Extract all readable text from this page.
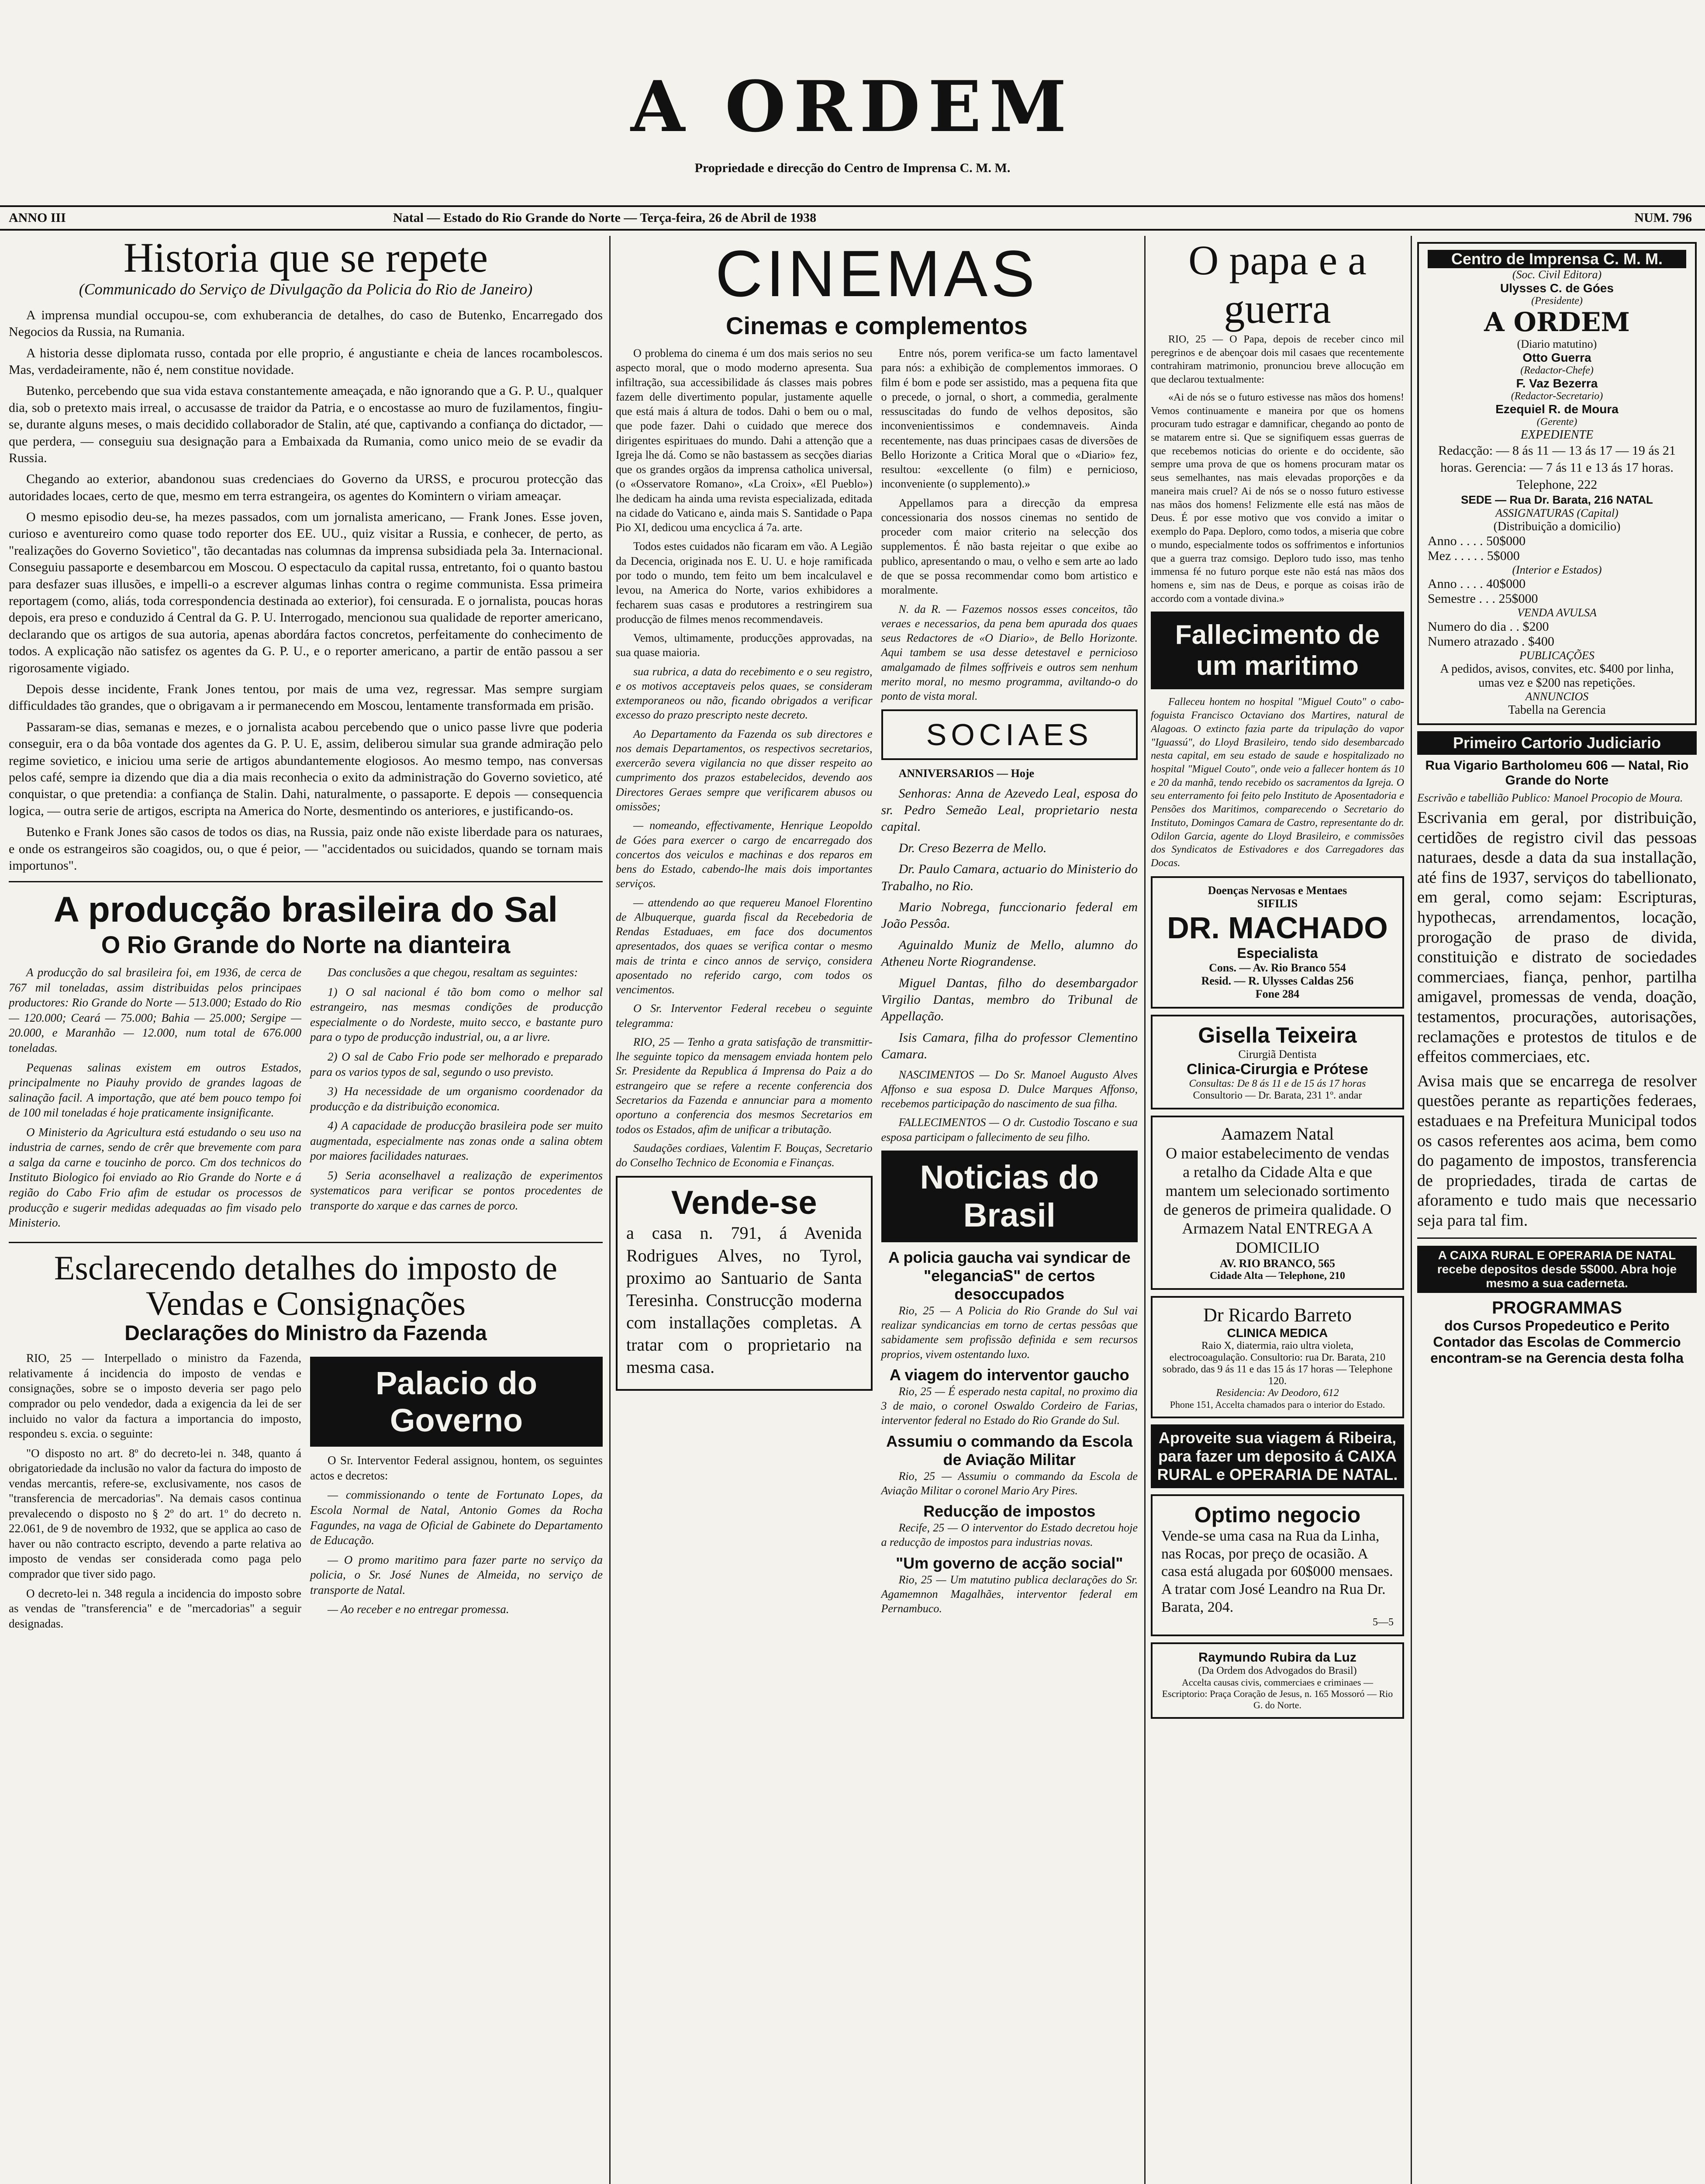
A ORDEM
Propriedade e direcção do Centro de Imprensa C. M. M.
ANNO III	Natal — Estado do Rio Grande do Norte — Terça-feira, 26 de Abril de 1938	NUM. 796
Historia que se repete
(Communicado do Serviço de Divulgação da Policia do Rio de Janeiro)

A imprensa mundial occupou-se, com exhuberancia de detalhes, do caso de Butenko, Encarregado dos Negocios da Russia, na Rumania.

A historia desse diplomata russo, contada por elle proprio, é angustiante e cheia de lances rocambolescos. Mas, verdadeiramente, não é, nem constitue novidade.

Butenko, percebendo que sua vida estava constantemente ameaçada, e não ignorando que a G. P. U., qualquer dia, sob o pretexto mais irreal, o accusasse de traidor da Patria, e o encostasse ao muro de fuzilamentos, fingiu-se, durante alguns meses, o mais decidido collaborador de Stalin, até que, captivando a confiança do dictador, — que perdera, — conseguiu sua designação para a Embaixada da Rumania, como unico meio de se evadir da Russia.

Chegando ao exterior, abandonou suas credenciaes do Governo da URSS, e procurou protecção das autoridades locaes, certo de que, mesmo em terra estrangeira, os agentes do Komintern o viriam ameaçar.

O mesmo episodio deu-se, ha mezes passados, com um jornalista americano, — Frank Jones. Esse joven, curioso e aventureiro como quase todo reporter dos EE. UU., quiz visitar a Russia, e conhecer, de perto, as "realizações do Governo Sovietico", tão decantadas nas columnas da imprensa subsidiada pela 3a. Internacional. Conseguiu passaporte e desembarcou em Moscou. O espectaculo da capital russa, entretanto, foi o quanto bastou para desfazer suas illusões, e impelli-o a escrever algumas linhas contra o regime communista. Essa primeira reportagem (como, aliás, toda correspondencia destinada ao exterior), foi censurada. E o jornalista, poucas horas depois, era preso e conduzido á Central da G. P. U. Interrogado, mencionou sua qualidade de reporter americano, declarando que os artigos de sua autoria, apenas abordára factos concretos, perfeitamente do conhecimento de todos. A explicação não satisfez os agentes da G. P. U., e o reporter americano, a partir de então passou a ser rigorosamente vigiado.

Depois desse incidente, Frank Jones tentou, por mais de uma vez, regressar. Mas sempre surgiam difficuldades tão grandes, que o obrigavam a ir permanecendo em Moscou, lentamente transformada em prisão.

Passaram-se dias, semanas e mezes, e o jornalista acabou percebendo que o unico passe livre que poderia conseguir, era o da bôa vontade dos agentes da G. P. U. E, assim, deliberou simular sua grande admiração pelo regime sovietico, e iniciou uma serie de artigos abundantemente elogiosos. Ao mesmo tempo, nas conversas pelos café, sempre ia dizendo que dia a dia mais reconhecia o exito da administração do Governo sovietico, até conquistar, o que pretendia: a confiança de Stalin. Dahi, naturalmente, o passaporte. E depois — consequencia logica, — outra serie de artigos, escripta na America do Norte, desmentindo os anteriores, e justificando-os.

Butenko e Frank Jones são casos de todos os dias, na Russia, paiz onde não existe liberdade para os naturaes, e onde os estrangeiros são coagidos, ou, o que é peior, — "accidentados ou suicidados, quando se tornam mais importunos".

A producção brasileira do Sal
O Rio Grande do Norte na dianteira

A producção do sal brasileira foi, em 1936, de cerca de 767 mil toneladas, assim distribuidas pelos principaes productores: Rio Grande do Norte — 513.000; Estado do Rio — 120.000; Ceará — 75.000; Bahia — 25.000; Sergipe — 20.000, e Maranhão — 12.000, num total de 676.000 toneladas.

Pequenas salinas existem em outros Estados, principalmente no Piauhy provido de grandes lagoas de salinação facil. A importação, que até bem pouco tempo foi de 100 mil toneladas é hoje praticamente insignificante.

O Ministerio da Agricultura está estudando o seu uso na industria de carnes, sendo de crêr que brevemente com para a salga da carne e toucinho de porco. Cm dos technicos do Instituto Biologico foi enviado ao Rio Grande do Norte e á região do Cabo Frio afim de estudar os processos de producção e sugerir medidas adequadas ao fim visado pelo Ministerio.

Das conclusões a que chegou, resaltam as seguintes:

1) O sal nacional é tão bom como o melhor sal estrangeiro, nas mesmas condições de producção especialmente o do Nordeste, muito secco, e bastante puro para o typo de producção industrial, ou, a ar livre.

2) O sal de Cabo Frio pode ser melhorado e preparado para os varios typos de sal, segundo o uso previsto.

3) Ha necessidade de um organismo coordenador da producção e da distribuição economica.

4) A capacidade de producção brasileira pode ser muito augmentada, especialmente nas zonas onde a salina obtem por maiores facilidades naturaes.

5) Seria aconselhavel a realização de experimentos systematicos para verificar se pontos procedentes de transporte do xarque e das carnes de porco.

Esclarecendo detalhes do imposto de Vendas e Consignações
Declarações do Ministro da Fazenda

RIO, 25 — Interpellado o ministro da Fazenda, relativamente á incidencia do imposto de vendas e consignações, sobre se o imposto deveria ser pago pelo comprador ou pelo vendedor, dada a exigencia da lei de ser incluido no valor da factura a importancia do imposto, respondeu s. excia. o seguinte:

"O disposto no art. 8º do decreto-lei n. 348, quanto á obrigatoriedade da inclusão no valor da factura do imposto de vendas mercantis, refere-se, exclusivamente, nos casos de "transferencia de mercadorias". Na demais casos continua prevalecendo o disposto no § 2º do art. 1º do decreto n. 22.061, de 9 de novembro de 1932, que se applica ao caso de haver ou não contracto escripto, devendo a parte relativa ao imposto de vendas ser considerada como paga pelo comprador que tiver sido pago.

O decreto-lei n. 348 regula a incidencia do imposto sobre as vendas de "transferencia" e de "mercadorias" a seguir designadas.

Palacio do Governo

O Sr. Interventor Federal assignou, hontem, os seguintes actos e decretos:

— commissionando o tente de Fortunato Lopes, da Escola Normal de Natal, Antonio Gomes da Rocha Fagundes, na vaga de Oficial de Gabinete do Departamento de Educação.

— O promo maritimo para fazer parte no serviço da policia, o Sr. José Nunes de Almeida, no serviço de transporte de Natal.

— Ao receber e no entregar promessa.

CINEMAS
Cinemas e complementos

O problema do cinema é um dos mais serios no seu aspecto moral, que o modo moderno apresenta. Sua infiltração, sua accessibilidade ás classes mais pobres fazem delle divertimento popular, justamente aquelle que está mais á altura de todos. Dahi o bem ou o mal, que pode fazer. Dahi o cuidado que merece dos dirigentes espirituaes do mundo. Dahi a attenção que a Igreja lhe dá. Como se não bastassem as secções diarias que os grandes orgãos da imprensa catholica universal, (o «Osservatore Romano», «La Croix», «El Pueblo») lhe dedicam ha ainda uma revista especializada, editada na cidade do Vaticano e, ainda mais S. Santidade o Papa Pio XI, dedicou uma encyclica á 7a. arte.

Todos estes cuidados não ficaram em vão. A Legião da Decencia, originada nos E. U. U. e hoje ramificada por todo o mundo, tem feito um bem incalculavel e levou, na America do Norte, varios exhibidores a fecharem suas casas e produtores a restringirem sua producção de filmes menos recommendaveis.

Vemos, ultimamente, producções approvadas, na sua quase maioria.

sua rubrica, a data do recebimento e o seu registro, e os motivos acceptaveis pelos quaes, se consideram extemporaneos ou não, ficando obrigados a verificar excesso do prazo prescripto neste decreto.

Ao Departamento da Fazenda os sub directores e nos demais Departamentos, os respectivos secretarios, exercerão severa vigilancia no que disser respeito ao cumprimento dos prazos estabelecidos, devendo aos Directores Geraes sempre que verificarem abusos ou omissões;

— nomeando, effectivamente, Henrique Leopoldo de Góes para exercer o cargo de encarregado dos concertos dos veiculos e machinas e dos reparos em bens do Estado, cabendo-lhe mais dois importantes serviços.

— attendendo ao que requereu Manoel Florentino de Albuquerque, guarda fiscal da Recebedoria de Rendas Estaduaes, em face dos documentos apresentados, dos quaes se verifica contar o mesmo mais de trinta e cinco annos de serviço, considera aposentado no referido cargo, com todos os vencimentos.

O Sr. Interventor Federal recebeu o seguinte telegramma:

RIO, 25 — Tenho a grata satisfação de transmittir-lhe seguinte topico da mensagem enviada hontem pelo Sr. Presidente da Republica á Imprensa do Paiz a do estrangeiro que se refere a recente conferencia dos Secretarios da Fazenda e annunciar para a momento oportuno a conferencia dos mesmos Secretarios em todos os Estados, afim de unificar a tributação.

Saudações cordiaes, Valentim F. Bouças, Secretario do Conselho Technico de Economia e Finanças.

Vende-se

a casa n. 791, á Avenida Rodrigues Alves, no Tyrol, proximo ao Santuario de Santa Teresinha. Construcção moderna com installações completas. A tratar com o proprietario na mesma casa.

Entre nós, porem verifica-se um facto lamentavel para nós: a exhibição de complementos immoraes. O film é bom e pode ser assistido, mas a pequena fita que o precede, o jornal, o short, a commedia, geralmente ressuscitadas do fundo de velhos depositos, são inconvenientissimos e condemnaveis. Ainda recentemente, nas duas principaes casas de diversões de Bello Horizonte a Critica Moral que o «Diario» fez, resultou: «excellente (o film) e pernicioso, inconveniente (o supplemento).»

Appellamos para a direcção da empresa concessionaria dos nossos cinemas no sentido de proceder com maior criterio na selecção dos supplementos. É não basta rejeitar o que exibe ao publico, apresentando o mau, o velho e sem arte ao lado de que se possa recommendar como bom artistico e moralmente.

N. da R. — Fazemos nossos esses conceitos, tão veraes e necessarios, da pena bem apurada dos quaes seus Redactores de «O Diario», de Bello Horizonte. Aqui tambem se usa desse detestavel e pernicioso amalgamado de filmes soffriveis e outros sem nenhum merito moral, no mesmo programma, aviltando-o do ponto de vista moral.

SOCIAES

ANNIVERSARIOS — Hoje

Senhoras: Anna de Azevedo Leal, esposa do sr. Pedro Semeão Leal, proprietario nesta capital.

Dr. Creso Bezerra de Mello.

Dr. Paulo Camara, actuario do Ministerio do Trabalho, no Rio.

Mario Nobrega, funccionario federal em João Pessôa.

Aguinaldo Muniz de Mello, alumno do Atheneu Norte Riograndense.

Miguel Dantas, filho do desembargador Virgilio Dantas, membro do Tribunal de Appellação.

Isis Camara, filha do professor Clementino Camara.

NASCIMENTOS — Do Sr. Manoel Augusto Alves Affonso e sua esposa D. Dulce Marques Affonso, recebemos participação do nascimento de sua filha.

FALLECIMENTOS — O dr. Custodio Toscano e sua esposa participam o fallecimento de seu filho.

Noticias do Brasil
A policia gaucha vai syndicar de "eleganciaS" de certos desoccupados

Rio, 25 — A Policia do Rio Grande do Sul vai realizar syndicancias em torno de certas pessôas que sabidamente sem profissão definida e sem recursos proprios, vivem ostentando luxo.

A viagem do interventor gaucho

Rio, 25 — É esperado nesta capital, no proximo dia 3 de maio, o coronel Oswaldo Cordeiro de Farias, interventor federal no Estado do Rio Grande do Sul.

Assumiu o commando da Escola de Aviação Militar

Rio, 25 — Assumiu o commando da Escola de Aviação Militar o coronel Mario Ary Pires.

Reducção de impostos

Recife, 25 — O interventor do Estado decretou hoje a reducção de impostos para industrias novas.

"Um governo de acção social"

Rio, 25 — Um matutino publica declarações do Sr. Agamemnon Magalhães, interventor federal em Pernambuco.

O papa e a guerra

RIO, 25 — O Papa, depois de receber cinco mil peregrinos e de abençoar dois mil casaes que recentemente contrahiram matrimonio, pronunciou breve allocução em que declarou textualmente:

«Ai de nós se o futuro estivesse nas mãos dos homens! Vemos continuamente e maneira por que os homens procuram tudo estragar e damnificar, chegando ao ponto de se matarem entre si. Que se signifiquem essas guerras de que recebemos noticias do oriente e do occidente, são sempre uma prova de que os homens procuram matar os seus semelhantes, nas mais elevadas proporções e da maneira mais cruel? Ai de nós se o nosso futuro estivesse nas mãos dos homens! Felizmente elle está nas mãos de Deus. É por esse motivo que vos convido a imitar o exemplo do Papa. Deploro, como todos, a miseria que cobre o mundo, especialmente todos os soffrimentos e infortunios que a guerra traz comsigo. Deploro tudo isso, mas tenho immensa fé no futuro porque este não está nas mãos dos homens e, sim nas de Deus, e porque as coisas irão de accordo com a vontade divina.»

Fallecimento de um maritimo

Falleceu hontem no hospital "Miguel Couto" o cabo-foguista Francisco Octaviano dos Martires, natural de Alagoas. O extincto fazia parte da tripulação do vapor "Iguassú", do Lloyd Brasileiro, tendo sido desembarcado nesta capital, em seu estado de saude e hospitalizado no hospital "Miguel Couto", onde veio a fallecer hontem ás 10 e 20 da manhã, tendo recebido os sacramentos da Igreja. O seu enterramento foi feito pelo Instituto de Aposentadoria e Pensões dos Maritimos, comparecendo o Secretario do Instituto, Domingos Camara de Castro, representante do dr. Odilon Garcia, agente do Lloyd Brasileiro, e commissões dos Syndicatos de Estivadores e dos Carregadores das Docas.

Doenças Nervosas e Mentaes
SIFILIS
DR. MACHADO
Especialista
Cons. — Av. Rio Branco 554
Resid. — R. Ulysses Caldas 256
Fone 284
Gisella Teixeira
Cirurgiã Dentista
Clinica-Cirurgia e Prótese
Consultas: De 8 ás 11 e de 15 ás 17 horas
Consultorio — Dr. Barata, 231 1º. andar
Aamazem Natal
O maior estabelecimento de vendas a retalho da Cidade Alta e que mantem um selecionado sortimento de generos de primeira qualidade. O Armazem Natal ENTREGA A DOMICILIO
AV. RIO BRANCO, 565
Cidade Alta — Telephone, 210
Dr Ricardo Barreto
CLINICA MEDICA
Raio X, diatermia, raio ultra violeta, electrocoagulação. Consultorio: rua Dr. Barata, 210 sobrado, das 9 ás 11 e das 15 ás 17 horas — Telephone 120.
Residencia: Av Deodoro, 612
Phone 151, Accelta chamados para o interior do Estado.
Aproveite sua viagem á Ribeira, para fazer um deposito á CAIXA RURAL e OPERARIA DE NATAL.
Optimo negocio
Vende-se uma casa na Rua da Linha, nas Rocas, por preço de ocasião. A casa está alugada por 60$000 mensaes. A tratar com José Leandro na Rua Dr. Barata, 204.
5—5
Raymundo Rubira da Luz
(Da Ordem dos Advogados do Brasil)
Accelta causas civis, commerciaes e criminaes — Escriptorio: Praça Coração de Jesus, n. 165 Mossoró — Rio G. do Norte.
Centro de Imprensa C. M. M.
(Soc. Civil Editora)
Ulysses C. de Góes
(Presidente)
A ORDEM
(Diario matutino)
Otto Guerra
(Redactor-Chefe)
F. Vaz Bezerra
(Redactor-Secretario)
Ezequiel R. de Moura
(Gerente)
EXPEDIENTE
Redacção: — 8 ás 11 — 13 ás 17 — 19 ás 21 horas. Gerencia: — 7 ás 11 e 13 ás 17 horas. Telephone, 222
SEDE — Rua Dr. Barata, 216 NATAL
ASSIGNATURAS (Capital)
(Distribuição a domicilio)
Anno . . . . 50$000
Mez . . . . . 5$000
(Interior e Estados)
Anno . . . . 40$000
Semestre . . . 25$000
VENDA AVULSA
Numero do dia . . $200
Numero atrazado . $400
PUBLICAÇÕES
A pedidos, avisos, convites, etc. $400 por linha, umas vez e $200 nas repetições.
ANNUNCIOS
Tabella na Gerencia
Primeiro Cartorio Judiciario
Rua Vigario Bartholomeu 606 — Natal, Rio Grande do Norte
Escrivão e tabellião Publico: Manoel Procopio de Moura.
Escrivania em geral, por distribuição, certidões de registro civil das pessoas naturaes, desde a data da sua installação, até fins de 1937, serviços do tabellionato, em geral, como sejam: Escripturas, hypothecas, arrendamentos, locação, prorogação de praso de divida, constituição e distrato de sociedades commerciaes, fiança, penhor, partilha amigavel, promessas de venda, doação, testamentos, procurações, autorisações, reclamações e protestos de titulos e de effeitos commerciaes, etc.
Avisa mais que se encarrega de resolver questões perante as repartições federaes, estaduaes e na Prefeitura Municipal todos os casos referentes aos acima, bem como do pagamento de impostos, transferencia de propriedades, tirada de cartas de aforamento e tudo mais que necessario seja para tal fim.
A CAIXA RURAL E OPERARIA DE NATAL recebe depositos desde 5$000. Abra hoje mesmo a sua caderneta.
PROGRAMMAS
dos Cursos Propedeutico e Perito Contador das Escolas de Commercio encontram-se na Gerencia desta folha
